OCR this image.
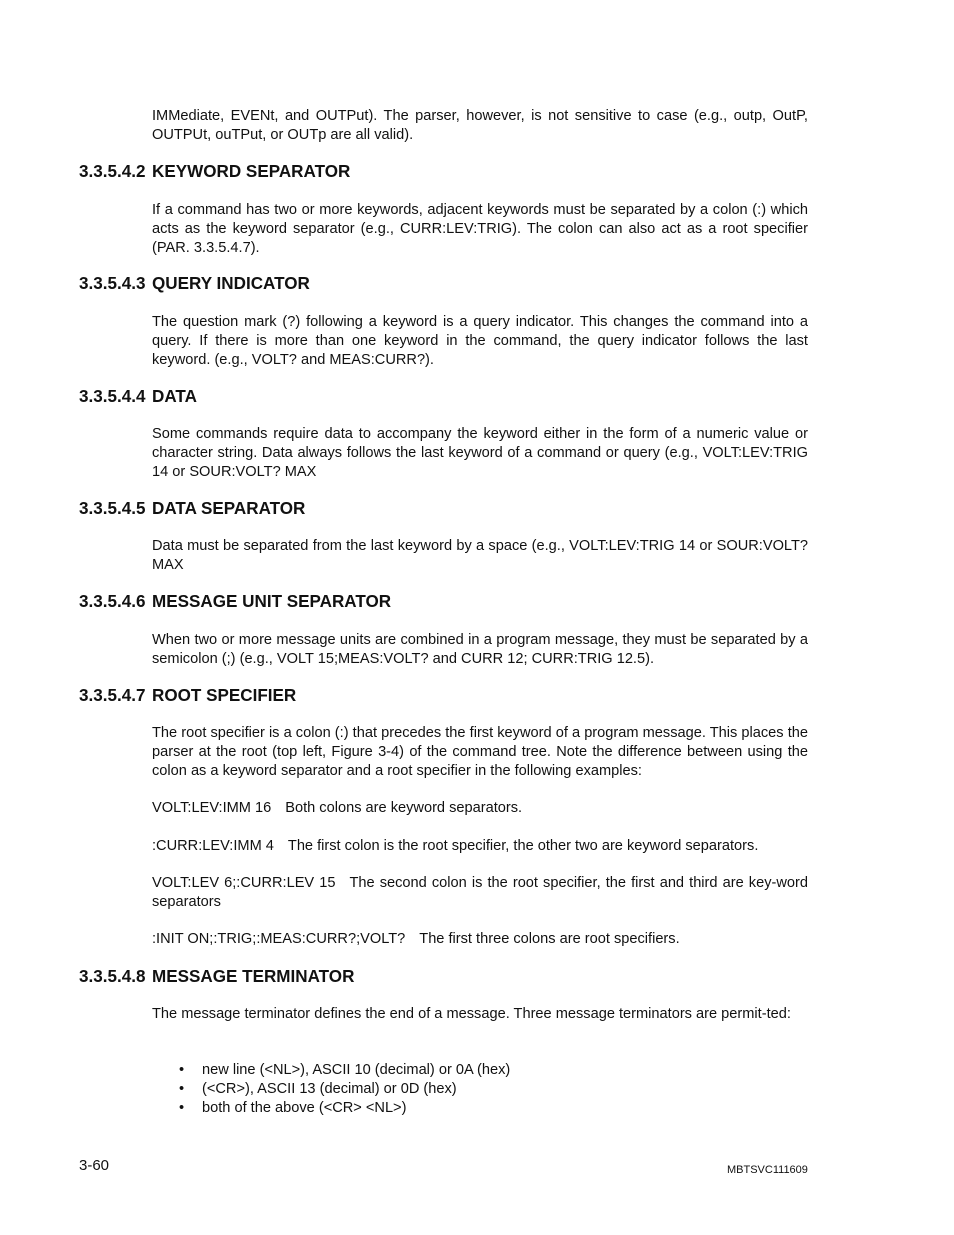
IMMediate, EVENt, and OUTPut). The parser, however, is not sensitive to case (e.g., outp, OutP, OUTPUt, ouTPut, or OUTp are all valid).

3.3.5.4.2 KEYWORD SEPARATOR

If a command has two or more keywords, adjacent keywords must be separated by a colon (:) which acts as the keyword separator (e.g., CURR:LEV:TRIG). The colon can also act as a root specifier (PAR. 3.3.5.4.7).

3.3.5.4.3 QUERY INDICATOR

The question mark (?) following a keyword is a query indicator. This changes the command into a query. If there is more than one keyword in the command, the query indicator follows the last keyword. (e.g., VOLT? and MEAS:CURR?).

3.3.5.4.4 DATA

Some commands require data to accompany the keyword either in the form of a numeric value or character string. Data always follows the last keyword of a command or query (e.g., VOLT:LEV:TRIG 14 or SOUR:VOLT? MAX

3.3.5.4.5 DATA SEPARATOR

Data must be separated from the last keyword by a space (e.g., VOLT:LEV:TRIG 14 or SOUR:VOLT? MAX

3.3.5.4.6 MESSAGE UNIT SEPARATOR

When two or more message units are combined in a program message, they must be separated by a semicolon (;) (e.g., VOLT 15;MEAS:VOLT? and CURR 12; CURR:TRIG 12.5).

3.3.5.4.7 ROOT SPECIFIER

The root specifier is a colon (:) that precedes the first keyword of a program message. This places the parser at the root (top left, Figure 3-4) of the command tree. Note the difference between using the colon as a keyword separator and a root specifier in the following examples:

VOLT:LEV:IMM 16 Both colons are keyword separators.

:CURR:LEV:IMM 4 The first colon is the root specifier, the other two are keyword separators.

VOLT:LEV 6;:CURR:LEV 15 The second colon is the root specifier, the first and third are key-word separators

:INIT ON;:TRIG;:MEAS:CURR?;VOLT? The first three colons are root specifiers.

3.3.5.4.8 MESSAGE TERMINATOR

The message terminator defines the end of a message. Three message terminators are permit-ted:

• new line (<NL>), ASCII 10 (decimal) or 0A (hex)
• (<CR>), ASCII 13 (decimal) or 0D (hex)
• both of the above (<CR> <NL>)
3-60	MBTSVC111609
